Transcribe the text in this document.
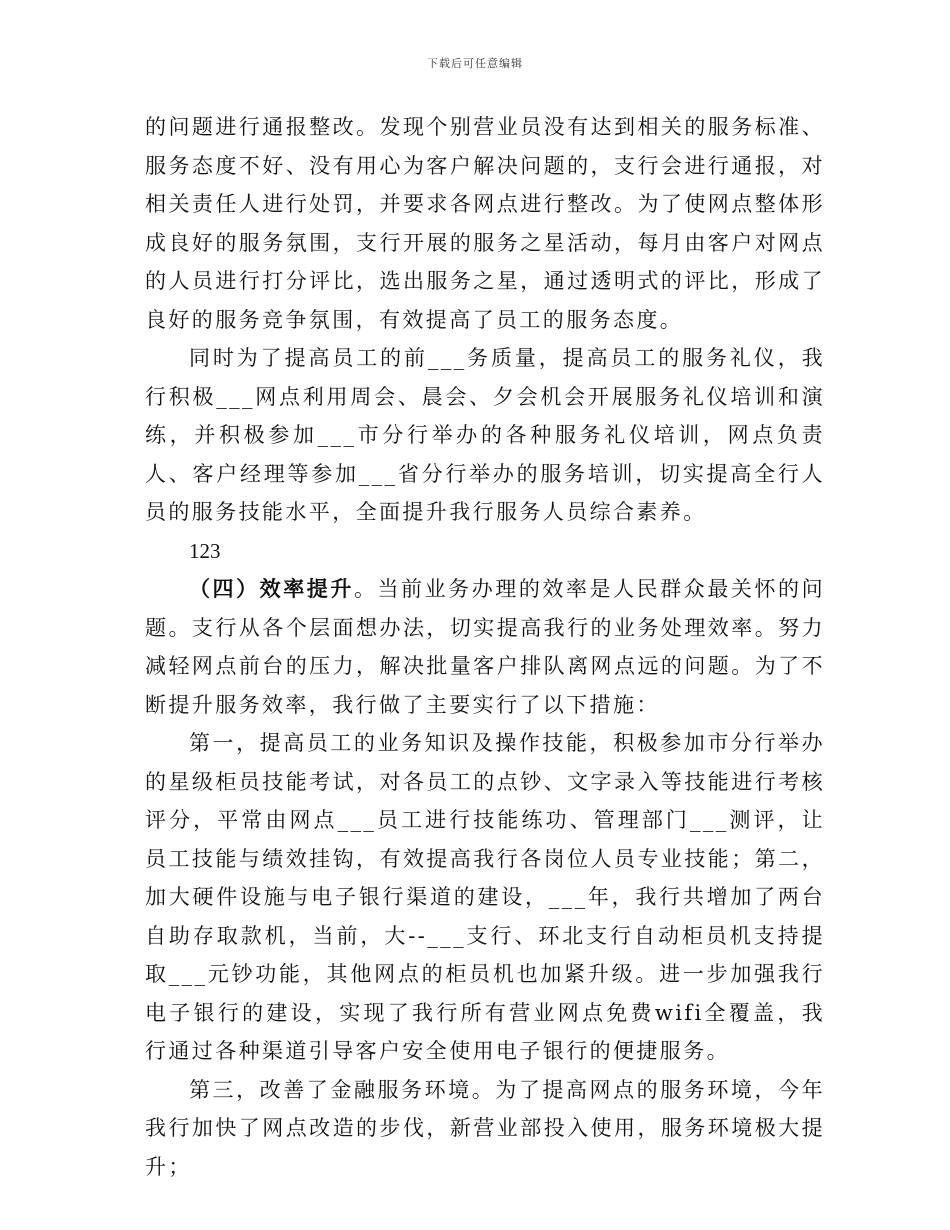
下载后可任意编辑

的问题进行通报整改。发现个别营业员没有达到相关的服务标准、服务态度不好、没有用心为客户解决问题的，支行会进行通报，对相关责任人进行处罚，并要求各网点进行整改。为了使网点整体形成良好的服务氛围，支行开展的服务之星活动，每月由客户对网点的人员进行打分评比，选出服务之星，通过透明式的评比，形成了良好的服务竞争氛围，有效提高了员工的服务态度。

同时为了提高员工的前___务质量，提高员工的服务礼仪，我行积极___网点利用周会、晨会、夕会机会开展服务礼仪培训和演练，并积极参加___市分行举办的各种服务礼仪培训，网点负责人、客户经理等参加___省分行举办的服务培训，切实提高全行人员的服务技能水平，全面提升我行服务人员综合素养。

123

（四）效率提升。当前业务办理的效率是人民群众最关怀的问题。支行从各个层面想办法，切实提高我行的业务处理效率。努力减轻网点前台的压力，解决批量客户排队离网点远的问题。为了不断提升服务效率，我行做了主要实行了以下措施：

第一，提高员工的业务知识及操作技能，积极参加市分行举办的星级柜员技能考试，对各员工的点钞、文字录入等技能进行考核评分，平常由网点___员工进行技能练功、管理部门___测评，让员工技能与绩效挂钩，有效提高我行各岗位人员专业技能；第二，加大硬件设施与电子银行渠道的建设，___年，我行共增加了两台自助存取款机，当前，大--___支行、环北支行自动柜员机支持提取___元钞功能，其他网点的柜员机也加紧升级。进一步加强我行电子银行的建设，实现了我行所有营业网点免费wifi全覆盖，我行通过各种渠道引导客户安全使用电子银行的便捷服务。

第三，改善了金融服务环境。为了提高网点的服务环境，今年我行加快了网点改造的步伐，新营业部投入使用，服务环境极大提升；
